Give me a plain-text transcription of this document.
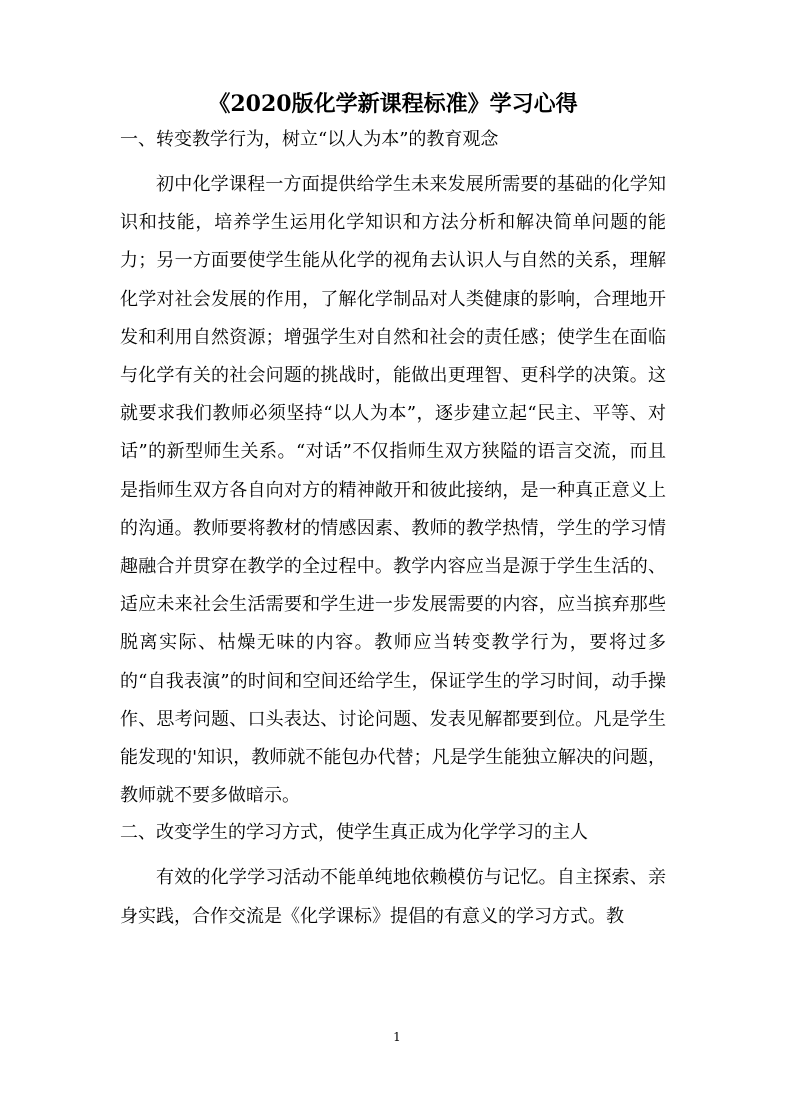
《2020版化学新课程标准》学习心得
一、转变教学行为，树立“以人为本”的教育观念

初中化学课程一方面提供给学生未来发展所需要的基础的化学知识和技能，培养学生运用化学知识和方法分析和解决简单问题的能力；另一方面要使学生能从化学的视角去认识人与自然的关系，理解化学对社会发展的作用，了解化学制品对人类健康的影响，合理地开发和利用自然资源；增强学生对自然和社会的责任感；使学生在面临与化学有关的社会问题的挑战时，能做出更理智、更科学的决策。这就要求我们教师必须坚持“以人为本”，逐步建立起“民主、平等、对话”的新型师生关系。“对话”不仅指师生双方狭隘的语言交流，而且是指师生双方各自向对方的精神敞开和彼此接纳，是一种真正意义上的沟通。教师要将教材的情感因素、教师的教学热情，学生的学习情趣融合并贯穿在教学的全过程中。教学内容应当是源于学生生活的、适应未来社会生活需要和学生进一步发展需要的内容，应当摈弃那些脱离实际、枯燥无味的内容。教师应当转变教学行为，要将过多的“自我表演”的时间和空间还给学生，保证学生的学习时间，动手操作、思考问题、口头表达、讨论问题、发表见解都要到位。凡是学生能发现的'知识，教师就不能包办代替；凡是学生能独立解决的问题，教师就不要多做暗示。

二、改变学生的学习方式，使学生真正成为化学学习的主人

有效的化学学习活动不能单纯地依赖模仿与记忆。自主探索、亲身实践，合作交流是《化学课标》提倡的有意义的学习方式。教

1
